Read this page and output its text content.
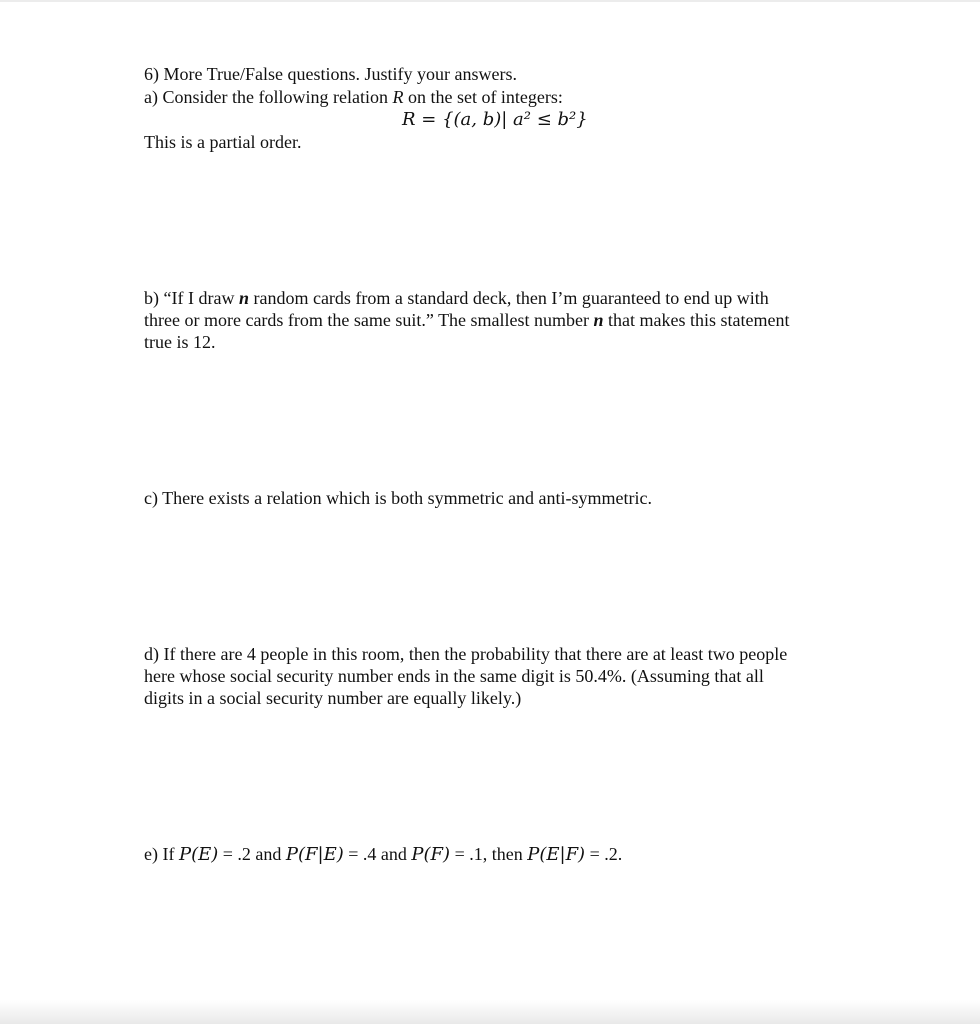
6) More True/False questions. Justify your answers.
a) Consider the following relation R on the set of integers:
R = {(a, b)| a² ≤ b²}
This is a partial order.
b) “If I draw n random cards from a standard deck, then I’m guaranteed to end up with
three or more cards from the same suit.” The smallest number n that makes this statement
true is 12.
c) There exists a relation which is both symmetric and anti-symmetric.
d) If there are 4 people in this room, then the probability that there are at least two people
here whose social security number ends in the same digit is 50.4%. (Assuming that all
digits in a social security number are equally likely.)
e) If P(E) = .2 and P(F|E) = .4 and P(F) = .1, then P(E|F) = .2.
